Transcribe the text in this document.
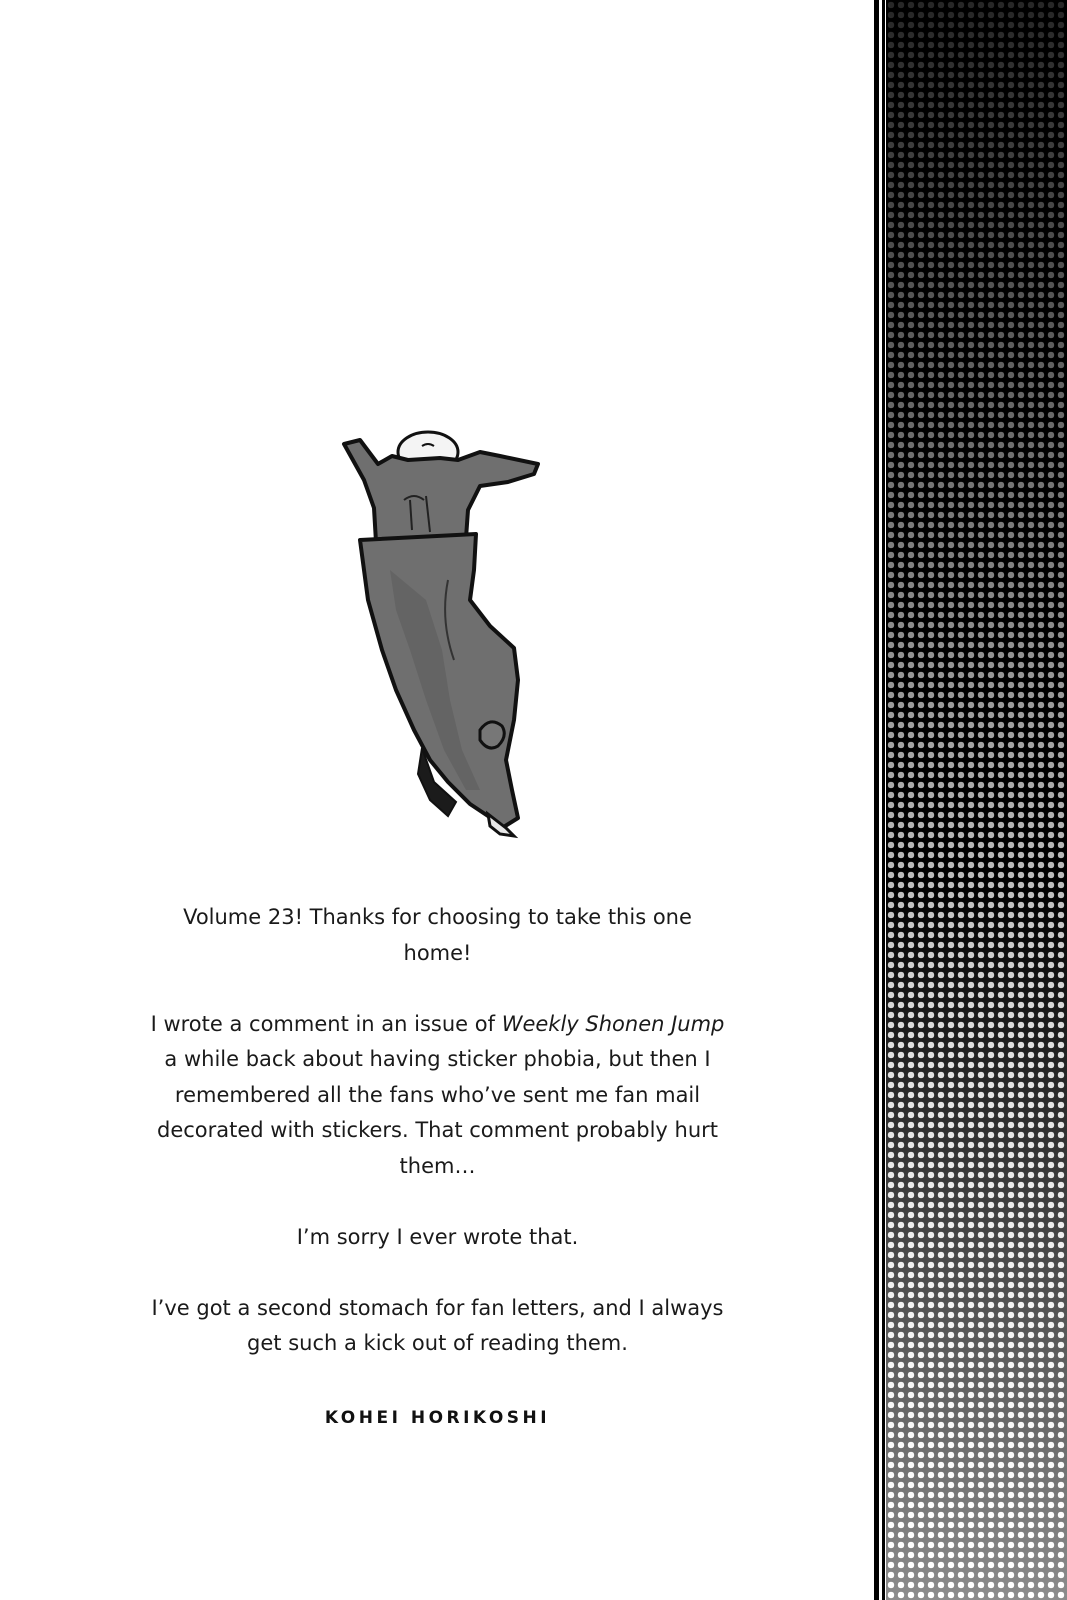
Volume 23! Thanks for choosing to take this one home!

I wrote a comment in an issue of Weekly Shonen Jump a while back about having sticker phobia, but then I remembered all the fans who’ve sent me fan mail decorated with stickers. That comment probably hurt them…

I’m sorry I ever wrote that.

I’ve got a second stomach for fan letters, and I always get such a kick out of reading them.

KOHEI HORIKOSHI
